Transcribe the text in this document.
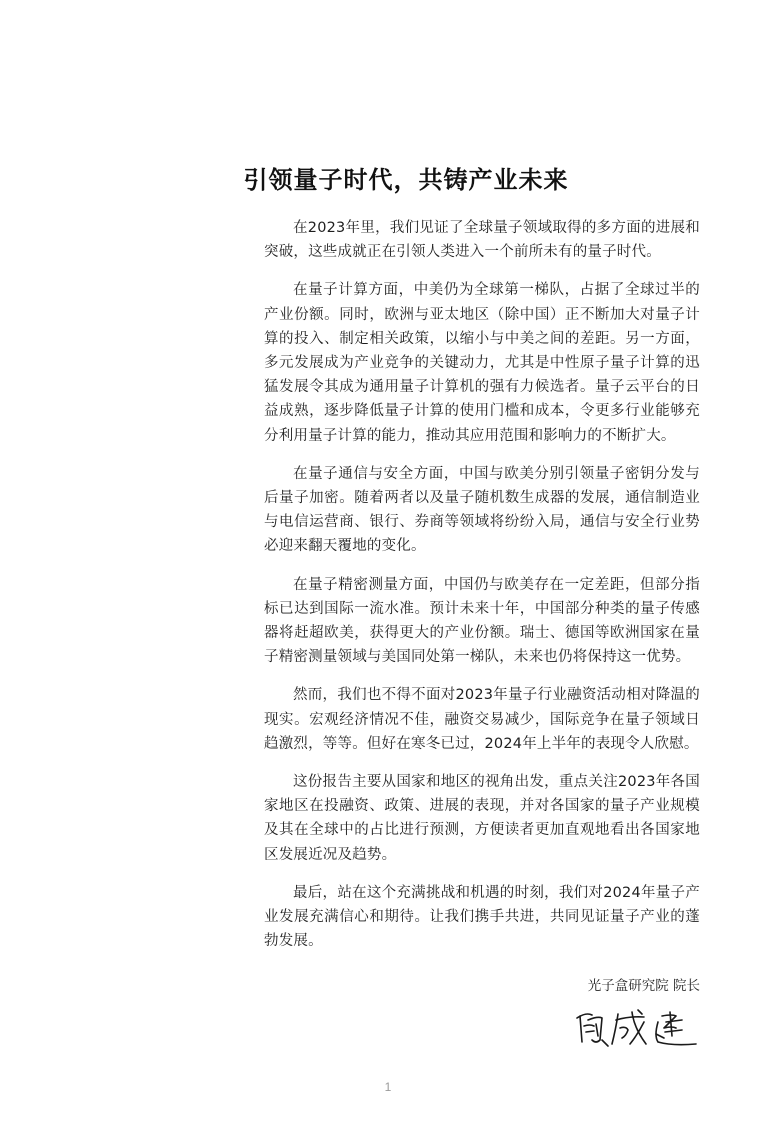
引领量子时代，共铸产业未来

在2023年里，我们见证了全球量子领域取得的多方面的进展和突破，这些成就正在引领人类进入一个前所未有的量子时代。

在量子计算方面，中美仍为全球第一梯队，占据了全球过半的产业份额。同时，欧洲与亚太地区（除中国）正不断加大对量子计算的投入、制定相关政策，以缩小与中美之间的差距。另一方面，多元发展成为产业竞争的关键动力，尤其是中性原子量子计算的迅猛发展令其成为通用量子计算机的强有力候选者。量子云平台的日益成熟，逐步降低量子计算的使用门槛和成本，令更多行业能够充分利用量子计算的能力，推动其应用范围和影响力的不断扩大。

在量子通信与安全方面，中国与欧美分别引领量子密钥分发与后量子加密。随着两者以及量子随机数生成器的发展，通信制造业与电信运营商、银行、券商等领域将纷纷入局，通信与安全行业势必迎来翻天覆地的变化。

在量子精密测量方面，中国仍与欧美存在一定差距，但部分指标已达到国际一流水准。预计未来十年，中国部分种类的量子传感器将赶超欧美，获得更大的产业份额。瑞士、德国等欧洲国家在量子精密测量领域与美国同处第一梯队，未来也仍将保持这一优势。

然而，我们也不得不面对2023年量子行业融资活动相对降温的现实。宏观经济情况不佳，融资交易减少，国际竞争在量子领域日趋激烈，等等。但好在寒冬已过，2024年上半年的表现令人欣慰。

这份报告主要从国家和地区的视角出发，重点关注2023年各国家地区在投融资、政策、进展的表现，并对各国家的量子产业规模及其在全球中的占比进行预测，方便读者更加直观地看出各国家地区发展近况及趋势。

最后，站在这个充满挑战和机遇的时刻，我们对2024年量子产业发展充满信心和期待。让我们携手共进，共同见证量子产业的蓬勃发展。

光子盒研究院 院长
1
